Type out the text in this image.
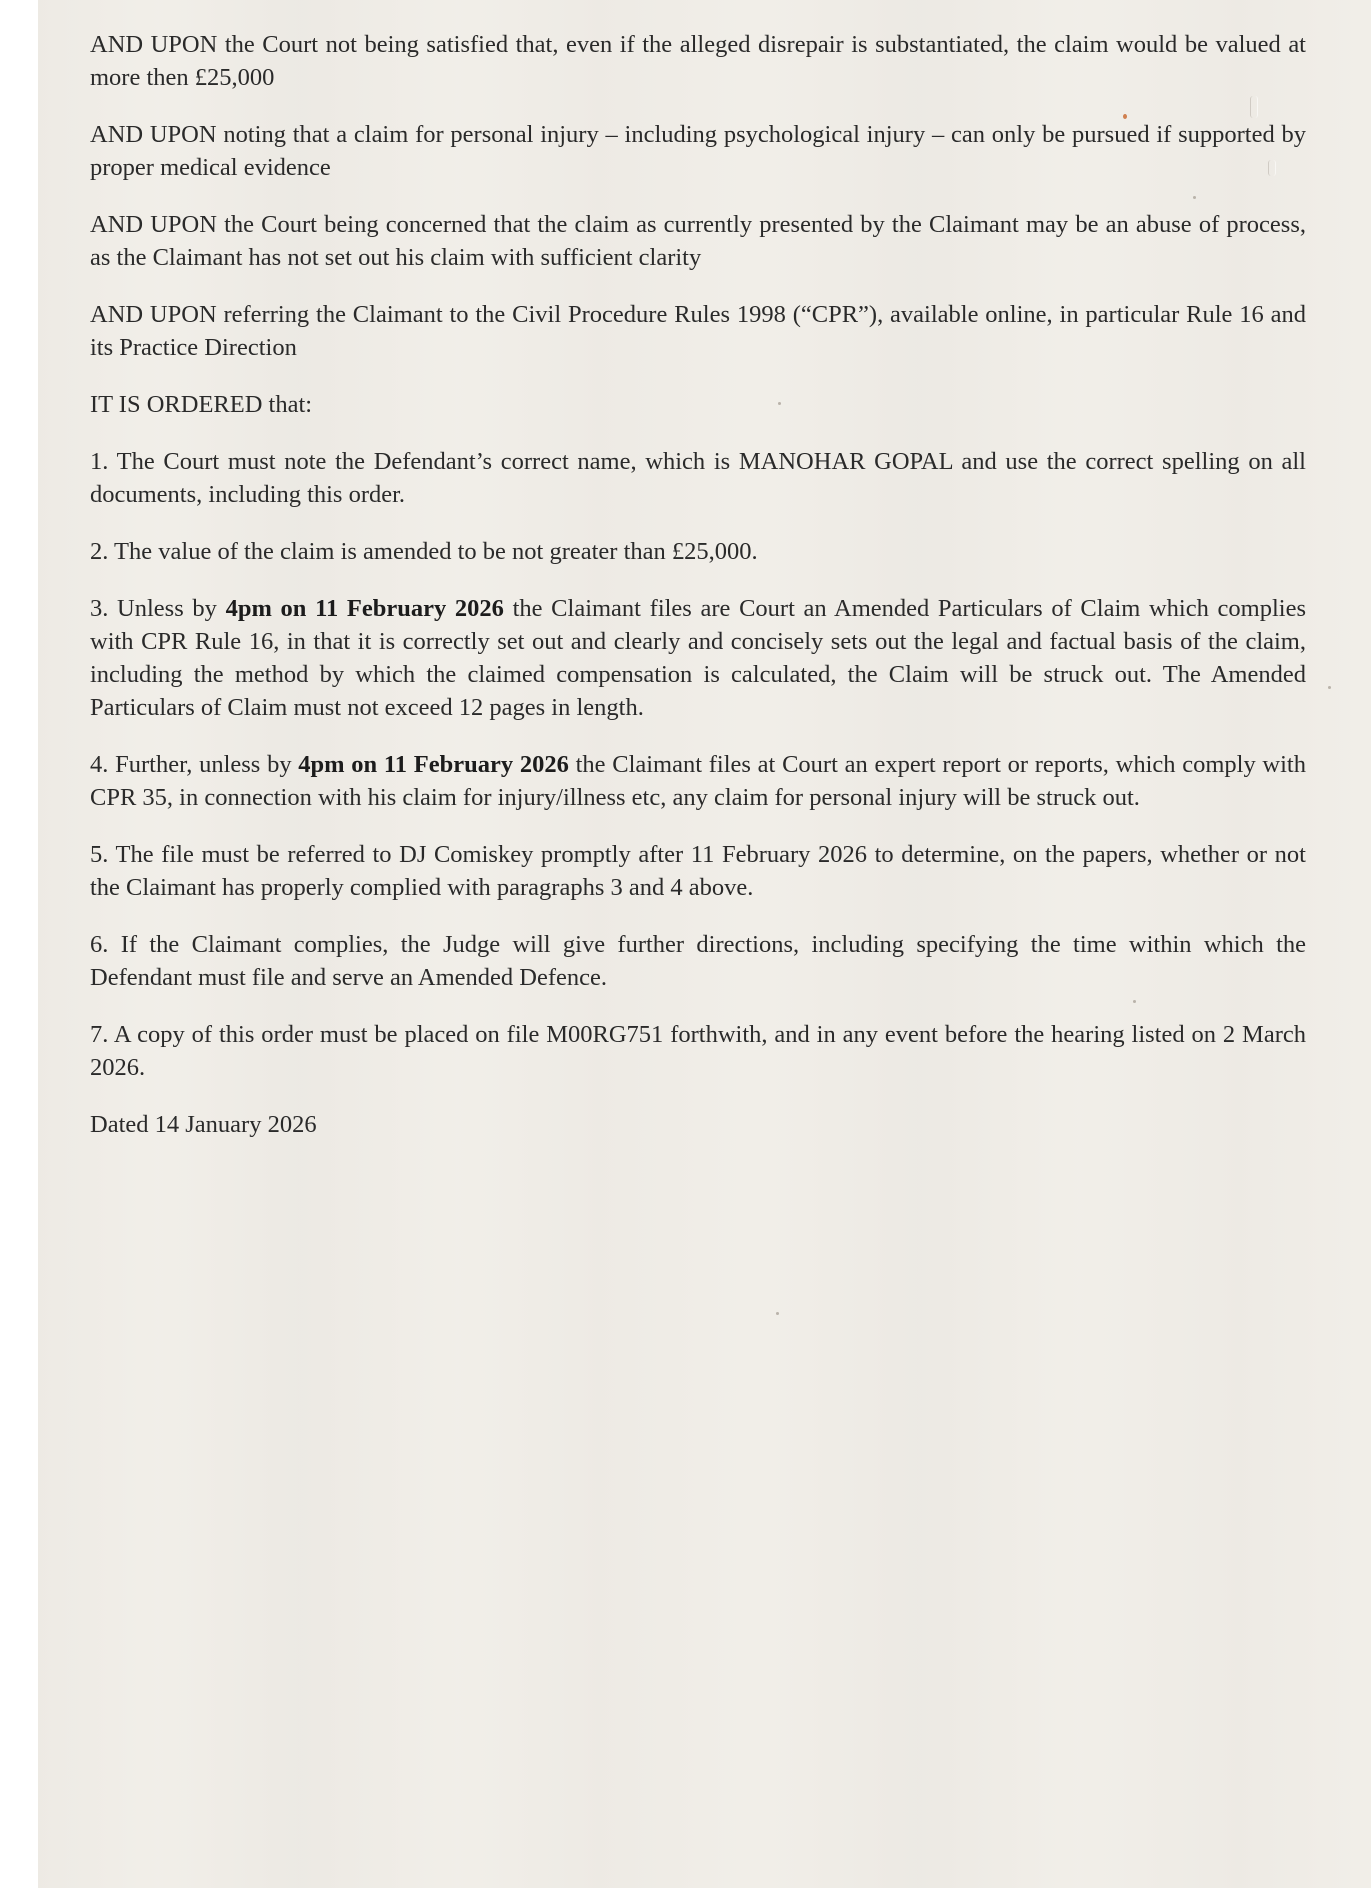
AND UPON the Court not being satisfied that, even if the alleged disrepair is substantiated, the claim would be valued at more then £25,000

AND UPON noting that a claim for personal injury – including psychological injury – can only be pursued if supported by proper medical evidence

AND UPON the Court being concerned that the claim as currently presented by the Claimant may be an abuse of process, as the Claimant has not set out his claim with sufficient clarity

AND UPON referring the Claimant to the Civil Procedure Rules 1998 (“CPR”), available online, in particular Rule 16 and its Practice Direction

IT IS ORDERED that:

1. The Court must note the Defendant’s correct name, which is MANOHAR GOPAL and use the correct spelling on all documents, including this order.

2. The value of the claim is amended to be not greater than £25,000.

3. Unless by 4pm on 11 February 2026 the Claimant files are Court an Amended Particulars of Claim which complies with CPR Rule 16, in that it is correctly set out and clearly and concisely sets out the legal and factual basis of the claim, including the method by which the claimed compensation is calculated, the Claim will be struck out. The Amended Particulars of Claim must not exceed 12 pages in length.

4. Further, unless by 4pm on 11 February 2026 the Claimant files at Court an expert report or reports, which comply with CPR 35, in connection with his claim for injury/illness etc, any claim for personal injury will be struck out.

5. The file must be referred to DJ Comiskey promptly after 11 February 2026 to determine, on the papers, whether or not the Claimant has properly complied with paragraphs 3 and 4 above.

6. If the Claimant complies, the Judge will give further directions, including specifying the time within which the Defendant must file and serve an Amended Defence.

7. A copy of this order must be placed on file M00RG751 forthwith, and in any event before the hearing listed on 2 March 2026.

Dated 14 January 2026
